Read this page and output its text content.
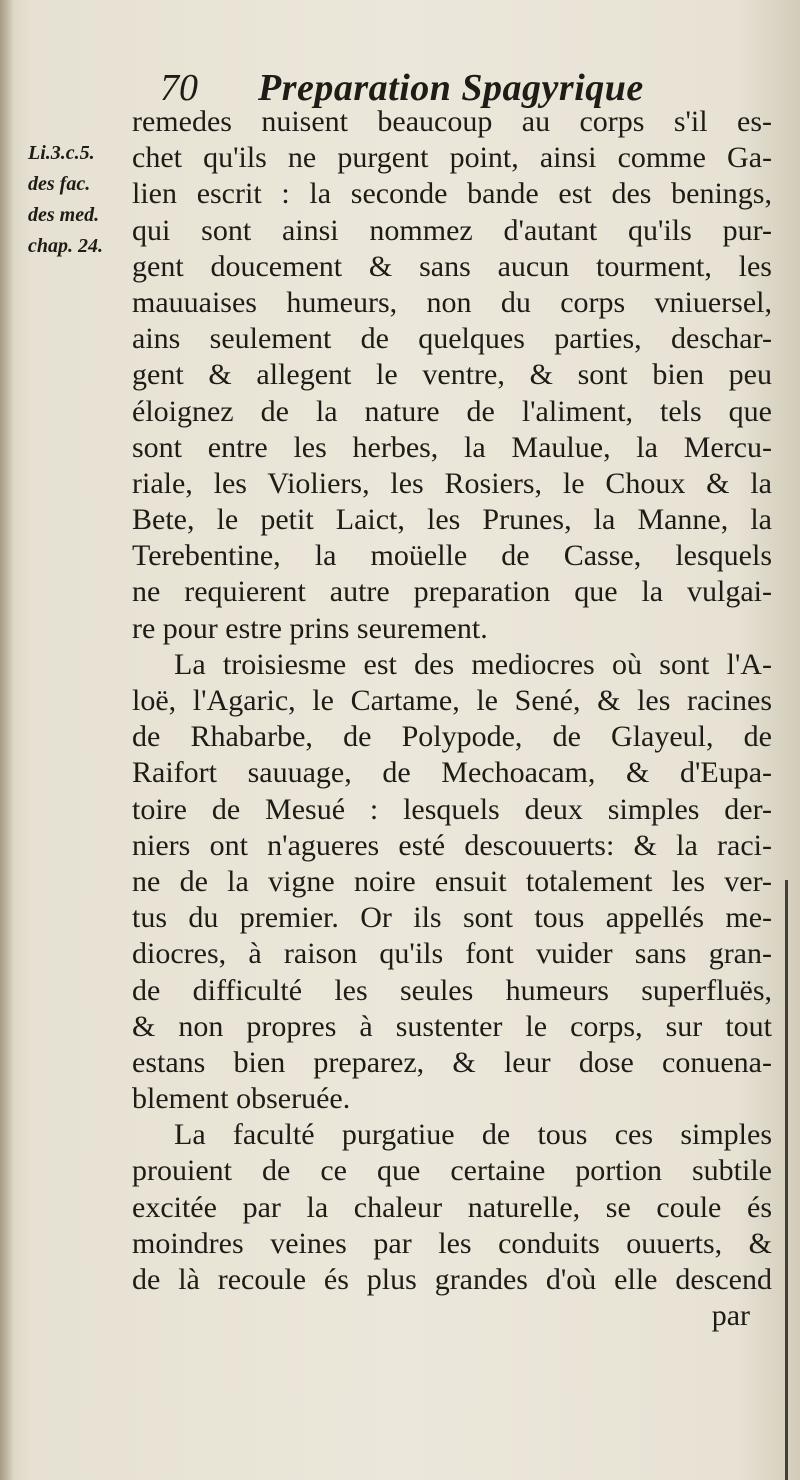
70 Preparation Spagyrique
Li.3.c.5.
des fac.
des med.
chap. 24.
remedes nuisent beaucoup au corps s'il es-
chet qu'ils ne purgent point, ainsi comme Ga-
lien escrit : la seconde bande est des benings,
qui sont ainsi nommez d'autant qu'ils pur-
gent doucement & sans aucun tourment, les
mauuaises humeurs, non du corps vniuersel,
ains seulement de quelques parties, deschar-
gent & allegent le ventre, & sont bien peu
éloignez de la nature de l'aliment, tels que
sont entre les herbes, la Maulue, la Mercu-
riale, les Violiers, les Rosiers, le Choux & la
Bete, le petit Laict, les Prunes, la Manne, la
Terebentine, la moüelle de Casse, lesquels
ne requierent autre preparation que la vulgai-
re pour estre prins seurement.
La troisiesme est des mediocres où sont l'A-
loë, l'Agaric, le Cartame, le Sené, & les racines
de Rhabarbe, de Polypode, de Glayeul, de
Raifort sauuage, de Mechoacam, & d'Eupa-
toire de Mesué : lesquels deux simples der-
niers ont n'agueres esté descouuerts: & la raci-
ne de la vigne noire ensuit totalement les ver-
tus du premier. Or ils sont tous appellés me-
diocres, à raison qu'ils font vuider sans gran-
de difficulté les seules humeurs superfluës,
& non propres à sustenter le corps, sur tout
estans bien preparez, & leur dose conuena-
blement obseruée.
La faculté purgatiue de tous ces simples
prouient de ce que certaine portion subtile
excitée par la chaleur naturelle, se coule és
moindres veines par les conduits ouuerts, &
de là recoule és plus grandes d'où elle descend
par
